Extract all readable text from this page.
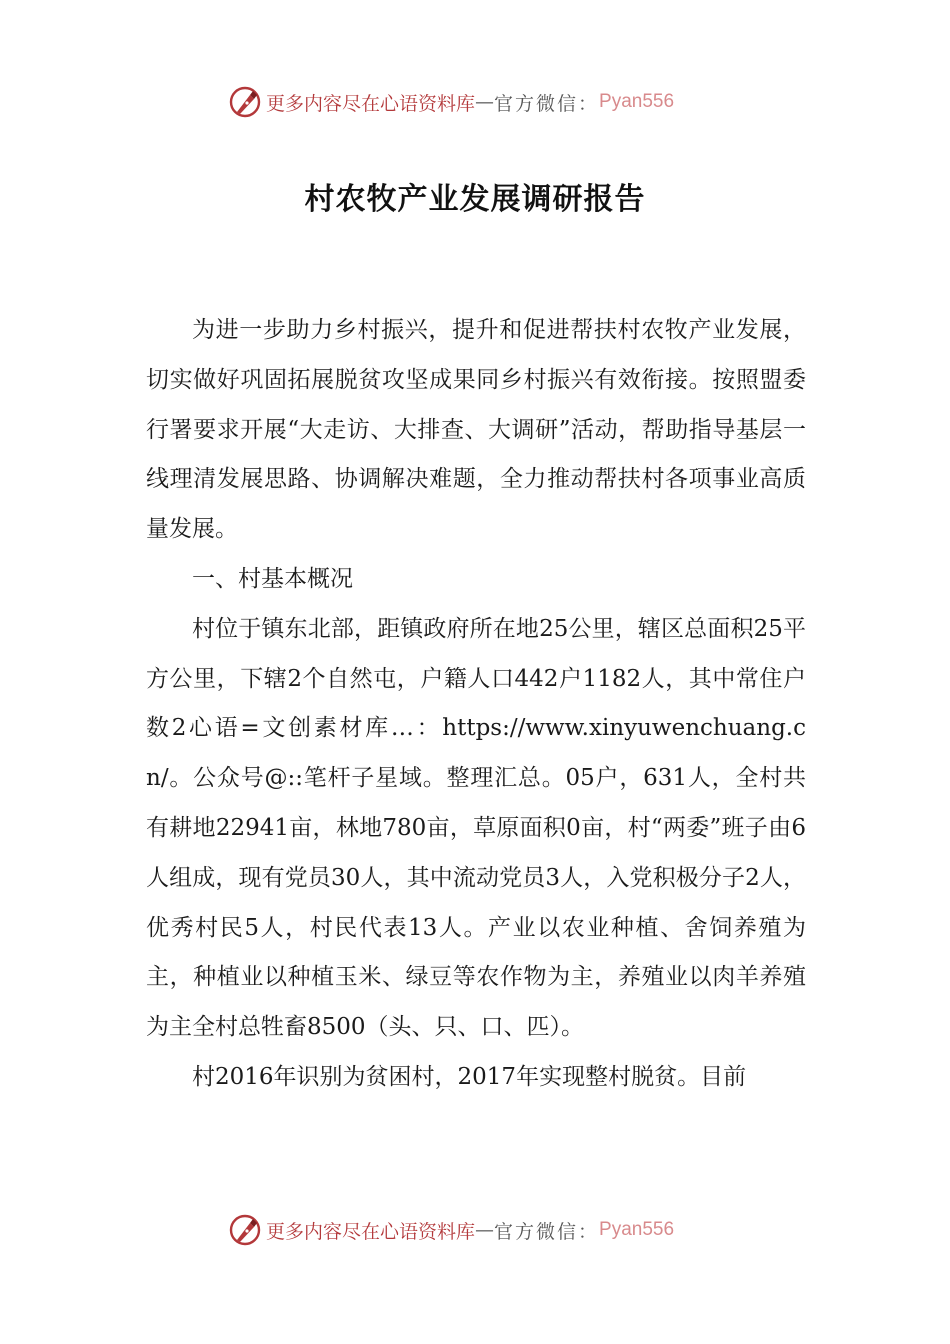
更多内容尽在心语资料库 — 官方微信： Pyan556
村农牧产业发展调研报告

为进一步助力乡村振兴，提升和促进帮扶村农牧产业发展，切实做好巩固拓展脱贫攻坚成果同乡村振兴有效衔接。按照盟委行署要求开展“大走访、大排查、大调研”活动，帮助指导基层一线理清发展思路、协调解决难题，全力推动帮扶村各项事业高质量发展。

一、村基本概况

村位于镇东北部，距镇政府所在地25公里，辖区总面积25平方公里，下辖2个自然屯，户籍人口442户1182人，其中常住户数2心语=文创素材库…：https://www.xinyuwenchuang.cn/。公众号@::笔杆子星域。整理汇总。05户，631人，全村共有耕地22941亩，林地780亩，草原面积0亩，村“两委”班子由6人组成，现有党员30人，其中流动党员3人，入党积极分子2人，优秀村民5人，村民代表13人。产业以农业种植、舍饲养殖为主，种植业以种植玉米、绿豆等农作物为主，养殖业以肉羊养殖为主全村总牲畜8500（头、只、口、匹）。

村2016年识别为贫困村，2017年实现整村脱贫。目前

更多内容尽在心语资料库 — 官方微信： Pyan556
